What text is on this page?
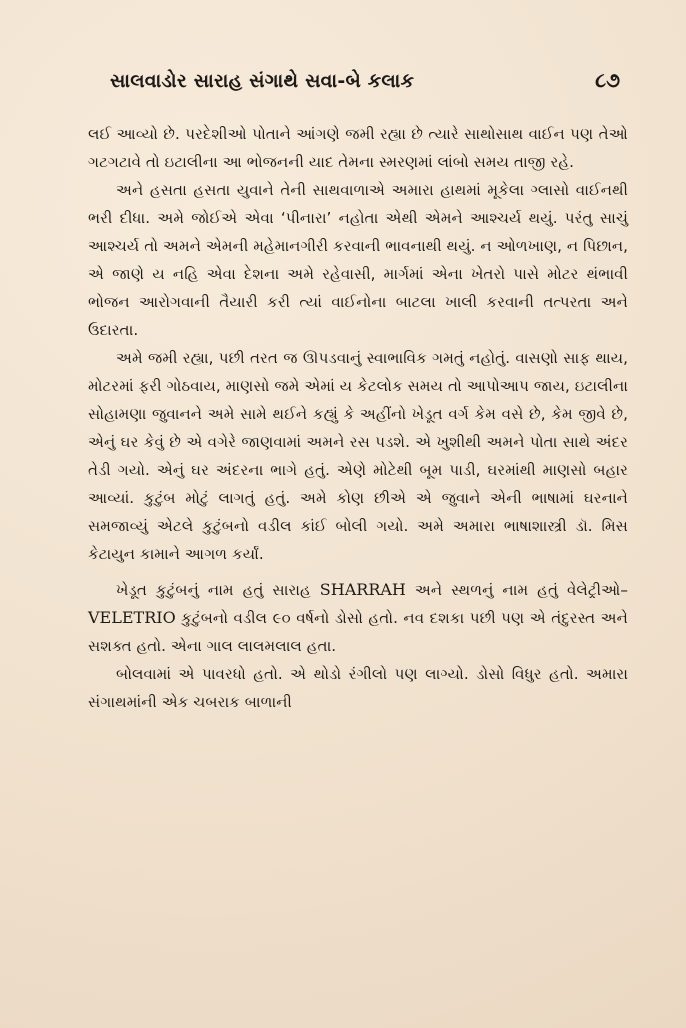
સાલવાડોર સારાહ સંગાથે સવા-બે કલાક	૮૭

લઈ આવ્યો છે. પરદેશીઓ પોતાને આંગણે જમી રહ્યા છે ત્યારે સાથોસાથ વાઈન પણ તેઓ ગટગટાવે તો ઇટાલીના આ ભોજનની યાદ તેમના સ્મરણમાં લાંબો સમય તાજી રહે.

અને હસતા હસતા યુવાને તેની સાથવાળાએ અમારા હાથમાં મૂકેલા ગ્લાસો વાઈનથી ભરી દીધા. અમે જોઈએ એવા ‘પીનારા’ નહોતા એથી એમને આશ્ચર્ય થયું. પરંતુ સાચું આશ્ચર્ય તો અમને એમની મહેમાનગીરી કરવાની ભાવનાથી થયું. ન ઓળખાણ, ન પિછાન, એ જાણે ય નહિ એવા દેશના અમે રહેવાસી, માર્ગમાં એના ખેતરો પાસે મોટર થંભાવી ભોજન આરોગવાની તૈયારી કરી ત્યાં વાઈનોના બાટલા ખાલી કરવાની તત્પરતા અને ઉદારતા.

અમે જમી રહ્યા, પછી તરત જ ઊપડવાનું સ્વાભાવિક ગમતું નહોતું. વાસણો સાફ થાય, મોટરમાં ફરી ગોઠવાય, માણસો જમે એમાં ય કેટલોક સમય તો આપોઆપ જાય, ઇટાલીના સોહામણા જુવાનને અમે સામે થઈને કહ્યું કે અહીંનો ખેડૂત વર્ગ કેમ વસે છે, કેમ જીવે છે, એનું ઘર કેવું છે એ વગેરે જાણવામાં અમને રસ પડશે. એ ખુશીથી અમને પોતા સાથે અંદર તેડી ગયો. એનું ઘર અંદરના ભાગે હતું. એણે મોટેથી બૂમ પાડી, ઘરમાંથી માણસો બહાર આવ્યાં. કુટુંબ મોટું લાગતું હતું. અમે કોણ છીએ એ જુવાને એની ભાષામાં ઘરનાને સમજાવ્યું એટલે કુટુંબનો વડીલ કાંઈ બોલી ગયો. અમે અમારા ભાષાશાસ્ત્રી ડૉ. મિસ કેટાયુન કામાને આગળ કર્યાં.

ખેડૂત કુટુંબનું નામ હતું સારાહ SHARRAH અને સ્થળનું નામ હતું વેલેટ્રીઓ–VELETRIO કુટુંબનો વડીલ ૯૦ વર્ષનો ડોસો હતો. નવ દશકા પછી પણ એ તંદુરસ્ત અને સશક્ત હતો. એના ગાલ લાલમલાલ હતા.

બોલવામાં એ પાવરધો હતો. એ થોડો રંગીલો પણ લાગ્યો. ડોસો વિધુર હતો. અમારા સંગાથમાંની એક ચબરાક બાળાની
